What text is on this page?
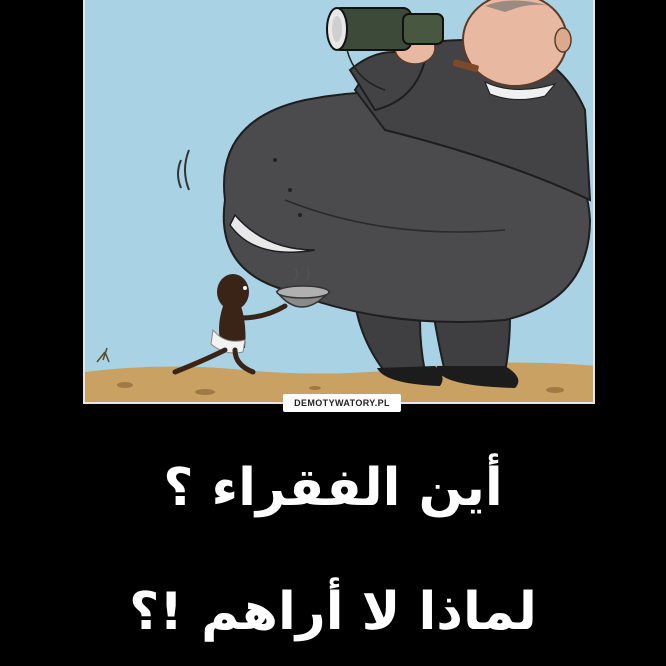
DEMOTYWATORY.PL
أين الفقراء ؟
لماذا لا أراهم !؟
